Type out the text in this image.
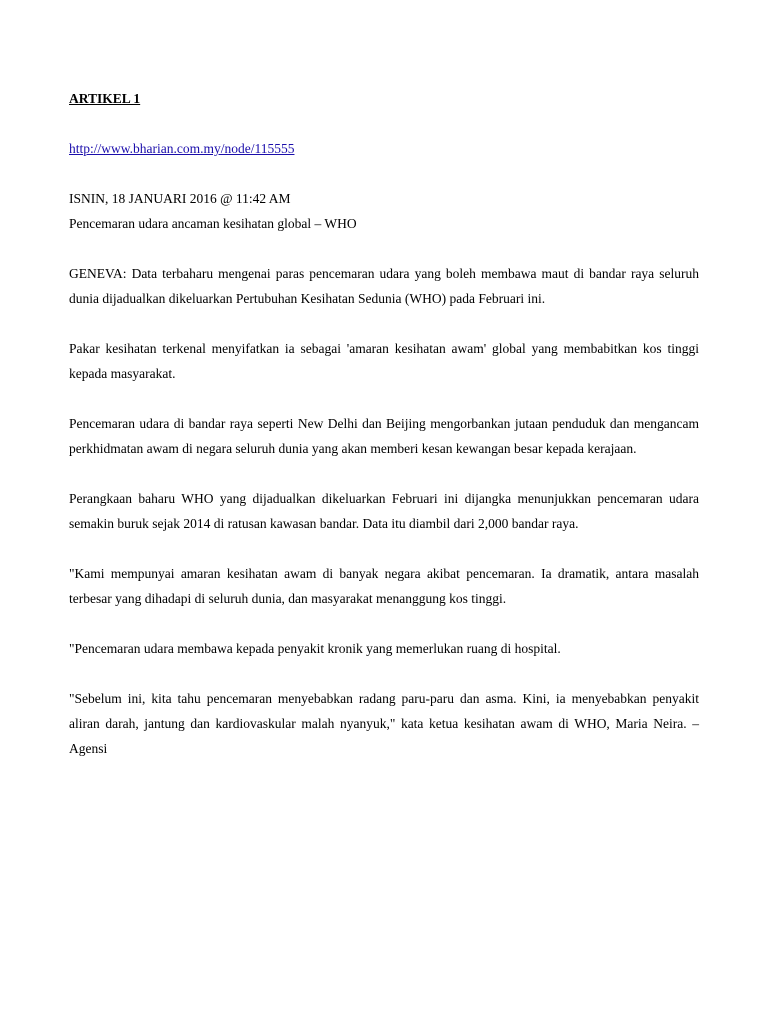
ARTIKEL 1
http://www.bharian.com.my/node/115555
ISNIN, 18 JANUARI 2016 @ 11:42 AM
Pencemaran udara ancaman kesihatan global – WHO

GENEVA: Data terbaharu mengenai paras pencemaran udara yang boleh membawa maut di bandar raya seluruh dunia dijadualkan dikeluarkan Pertubuhan Kesihatan Sedunia (WHO) pada Februari ini.

Pakar kesihatan terkenal menyifatkan ia sebagai 'amaran kesihatan awam' global yang membabitkan kos tinggi kepada masyarakat.

Pencemaran udara di bandar raya seperti New Delhi dan Beijing mengorbankan jutaan penduduk dan mengancam perkhidmatan awam di negara seluruh dunia yang akan memberi kesan kewangan besar kepada kerajaan.

Perangkaan baharu WHO yang dijadualkan dikeluarkan Februari ini dijangka menunjukkan pencemaran udara semakin buruk sejak 2014 di ratusan kawasan bandar. Data itu diambil dari 2,000 bandar raya.

"Kami mempunyai amaran kesihatan awam di banyak negara akibat pencemaran. Ia dramatik, antara masalah terbesar yang dihadapi di seluruh dunia, dan masyarakat menanggung kos tinggi.

"Pencemaran udara membawa kepada penyakit kronik yang memerlukan ruang di hospital.

"Sebelum ini, kita tahu pencemaran menyebabkan radang paru-paru dan asma. Kini, ia menyebabkan penyakit aliran darah, jantung dan kardiovaskular malah nyanyuk," kata ketua kesihatan awam di WHO, Maria Neira. – Agensi
